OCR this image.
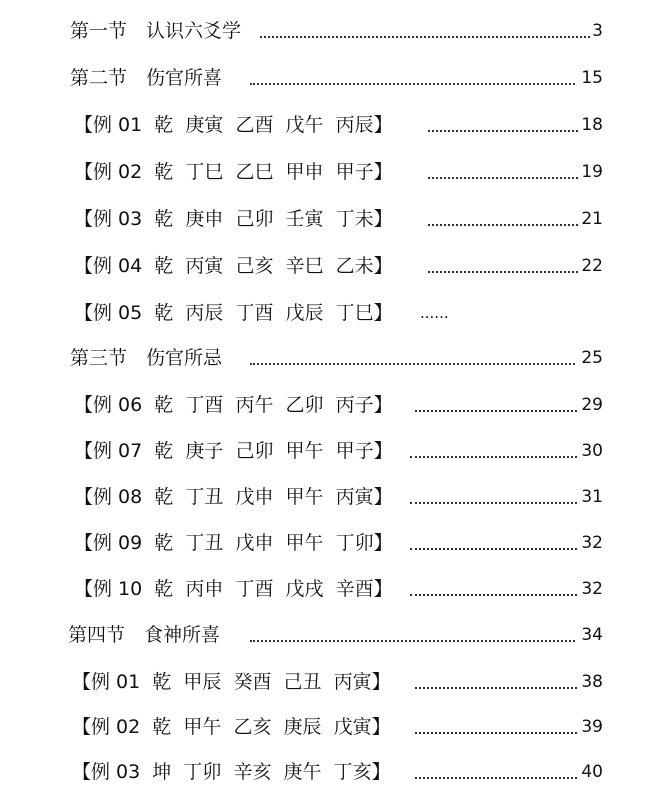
第一节　认识六爻学	3
第二节　伤官所喜	15
【例 01  乾  庚寅  乙酉  戊午  丙辰】	18
【例 02  乾  丁巳  乙巳  甲申  甲子】	19
【例 03  乾  庚申  己卯  壬寅  丁未】	21
【例 04  乾  丙寅  己亥  辛巳  乙未】	22
【例 05  乾  丙辰  丁酉  戊辰  丁巳】 ......
第三节　伤官所忌	25
【例 06  乾  丁酉  丙午  乙卯  丙子】	29
【例 07  乾  庚子  己卯  甲午  甲子】	30
【例 08  乾  丁丑  戊申  甲午  丙寅】	31
【例 09  乾  丁丑  戊申  甲午  丁卯】	32
【例 10  乾  丙申  丁酉  戊戌  辛酉】	32
第四节　食神所喜	34
【例 01  乾  甲辰  癸酉  己丑  丙寅】	38
【例 02  乾  甲午  乙亥  庚辰  戊寅】	39
【例 03  坤  丁卯  辛亥  庚午  丁亥】	40
